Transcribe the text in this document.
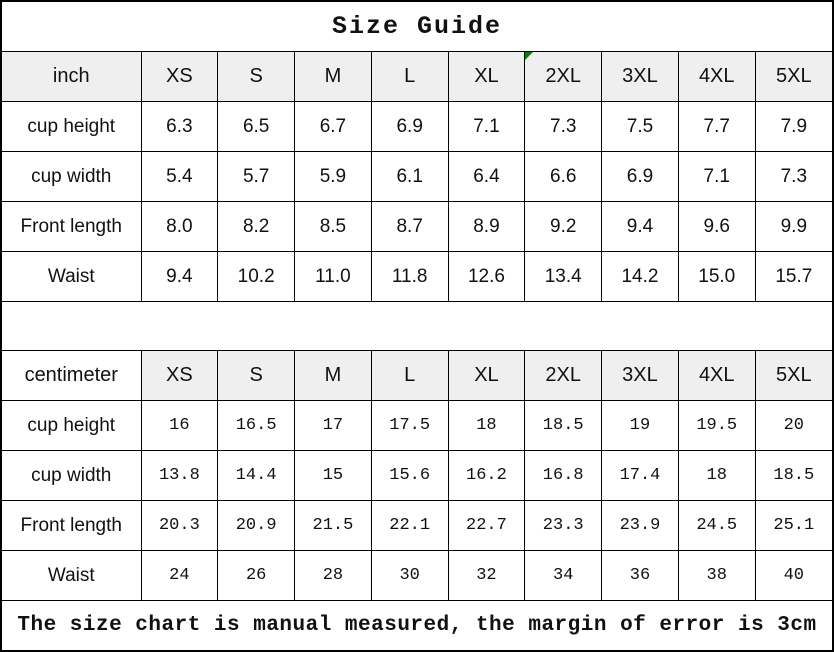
Size Guide
inch	XS	S	M	L	XL	2XL	3XL	4XL	5XL
cup height	6.3	6.5	6.7	6.9	7.1	7.3	7.5	7.7	7.9
cup width	5.4	5.7	5.9	6.1	6.4	6.6	6.9	7.1	7.3
Front length	8.0	8.2	8.5	8.7	8.9	9.2	9.4	9.6	9.9
Waist	9.4	10.2	11.0	11.8	12.6	13.4	14.2	15.0	15.7
centimeter	XS	S	M	L	XL	2XL	3XL	4XL	5XL
cup height	16	16.5	17	17.5	18	18.5	19	19.5	20
cup width	13.8	14.4	15	15.6	16.2	16.8	17.4	18	18.5
Front length	20.3	20.9	21.5	22.1	22.7	23.3	23.9	24.5	25.1
Waist	24	26	28	30	32	34	36	38	40
The size chart is manual measured, the margin of error is 3cm
